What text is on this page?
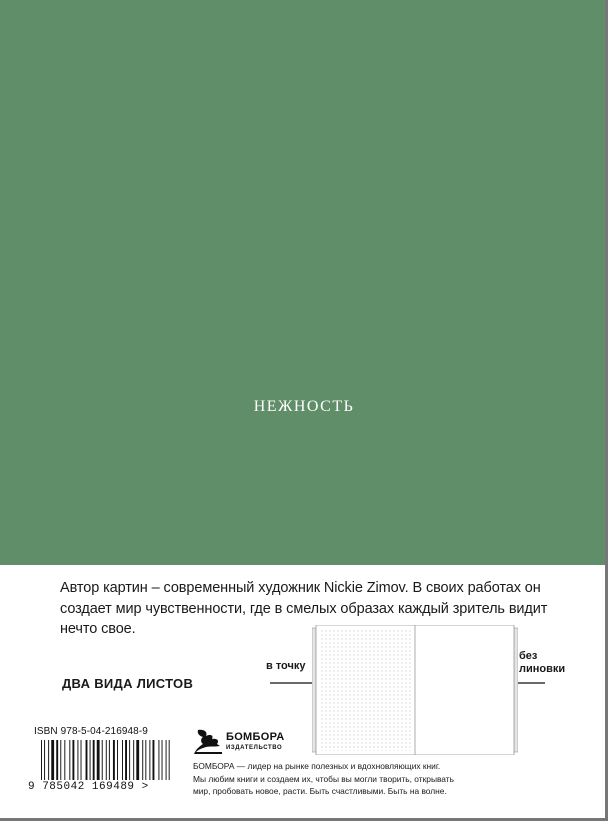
НЕЖНОСТЬ
Автор картин – современный художник Nickie Zimov. В своих работах он
создает мир чувственности, где в смелых образах каждый зритель видит
нечто свое.
ДВА ВИДА ЛИСТОВ
в точку
без
линовки
ISBN 978-5-04-216948-9
9 785042 169489 >
БОМБОРА
ИЗДАТЕЛЬСТВО
БОМБОРА — лидер на рынке полезных и вдохновляющих книг.
Мы любим книги и создаем их, чтобы вы могли творить, открывать
мир, пробовать новое, расти. Быть счастливыми. Быть на волне.
